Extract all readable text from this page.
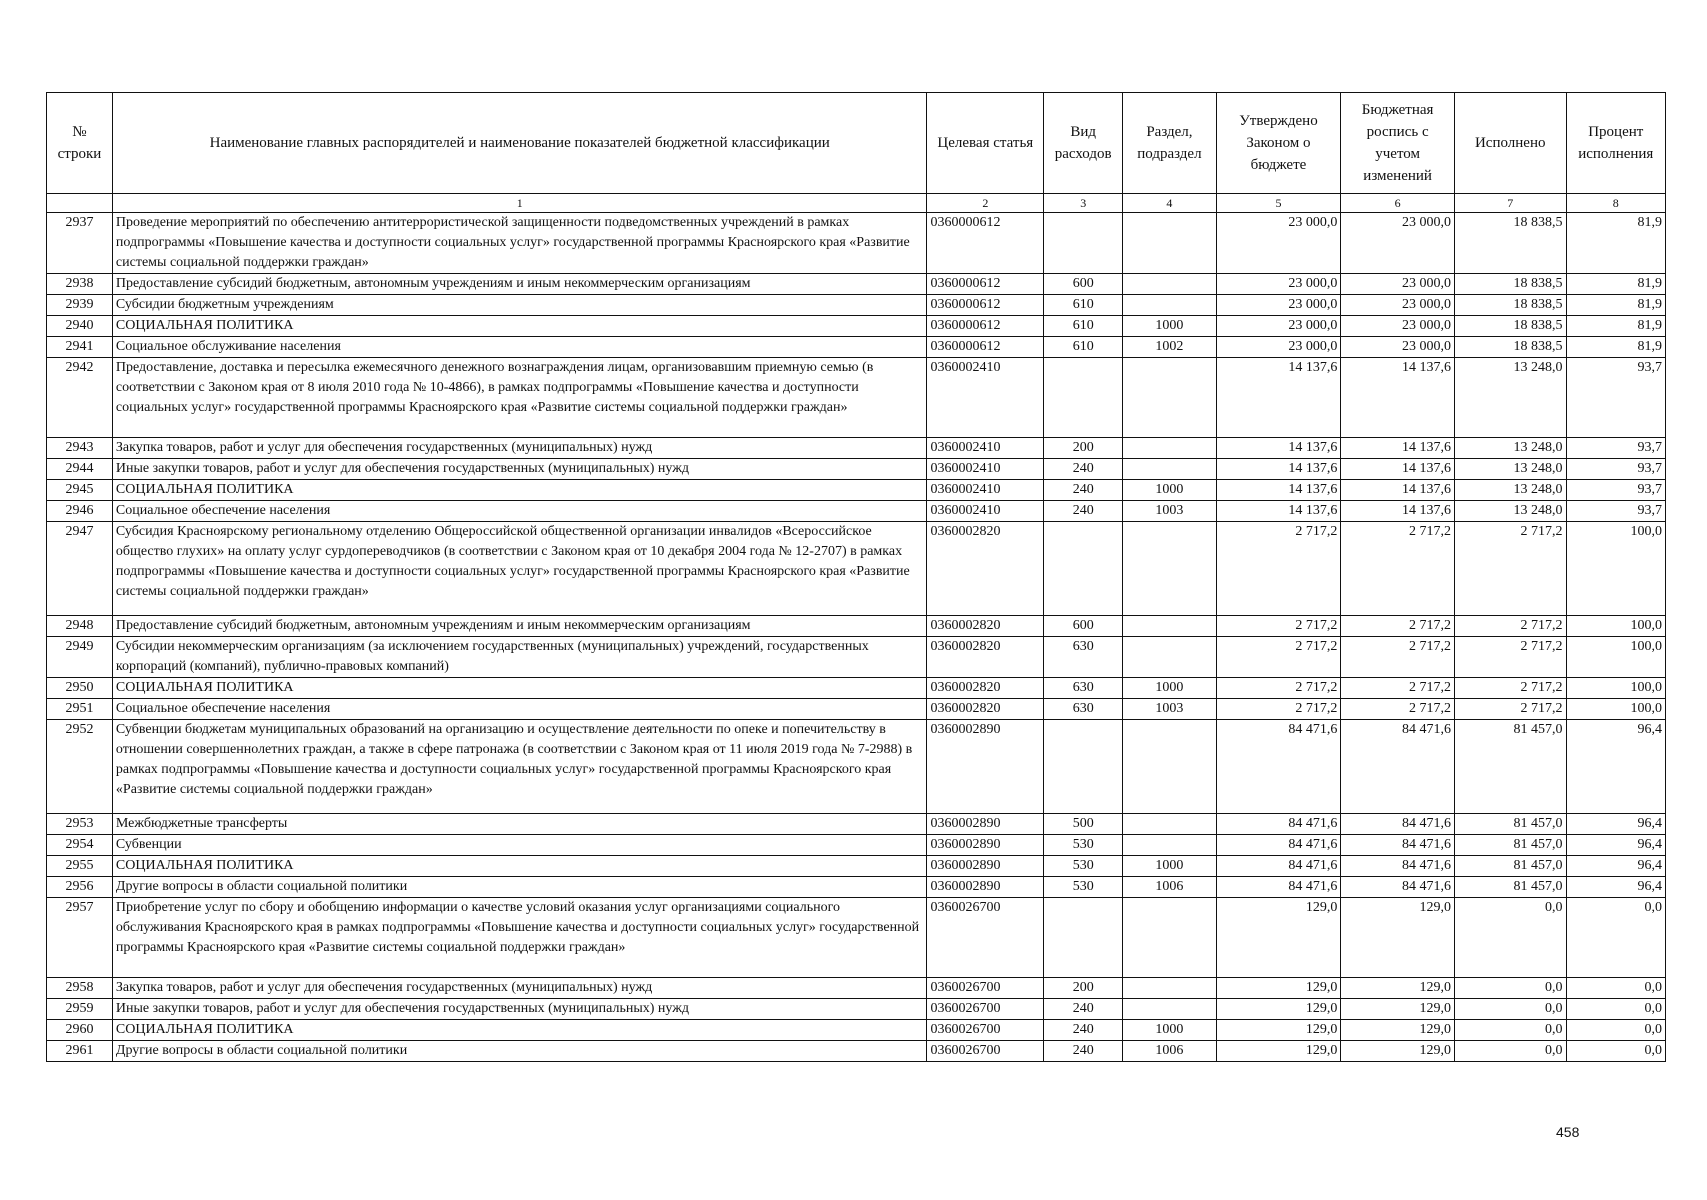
№ строки	Наименование главных распорядителей и наименование показателей бюджетной классификации	Целевая статья	Вид расходов	Раздел, подраздел	Утверждено Законом о бюджете	Бюджетная роспись с учетом изменений	Исполнено	Процент исполнения
	1	2	3	4	5	6	7	8
2937	Проведение мероприятий по обеспечению антитеррористической защищенности подведомственных учреждений в рамках подпрограммы «Повышение качества и доступности социальных услуг» государственной программы Красноярского края «Развитие системы социальной поддержки граждан»	0360000612			23 000,0	23 000,0	18 838,5	81,9
2938	Предоставление субсидий бюджетным, автономным учреждениям и иным некоммерческим организациям	0360000612	600		23 000,0	23 000,0	18 838,5	81,9
2939	Субсидии бюджетным учреждениям	0360000612	610		23 000,0	23 000,0	18 838,5	81,9
2940	СОЦИАЛЬНАЯ ПОЛИТИКА	0360000612	610	1000	23 000,0	23 000,0	18 838,5	81,9
2941	Социальное обслуживание населения	0360000612	610	1002	23 000,0	23 000,0	18 838,5	81,9
2942	Предоставление, доставка и пересылка ежемесячного денежного вознаграждения лицам, организовавшим приемную семью (в соответствии с Законом края от 8 июля 2010 года № 10-4866), в рамках подпрограммы «Повышение качества и доступности социальных услуг» государственной программы Красноярского края «Развитие системы социальной поддержки граждан»	0360002410			14 137,6	14 137,6	13 248,0	93,7
2943	Закупка товаров, работ и услуг для обеспечения государственных (муниципальных) нужд	0360002410	200		14 137,6	14 137,6	13 248,0	93,7
2944	Иные закупки товаров, работ и услуг для обеспечения государственных (муниципальных) нужд	0360002410	240		14 137,6	14 137,6	13 248,0	93,7
2945	СОЦИАЛЬНАЯ ПОЛИТИКА	0360002410	240	1000	14 137,6	14 137,6	13 248,0	93,7
2946	Социальное обеспечение населения	0360002410	240	1003	14 137,6	14 137,6	13 248,0	93,7
2947	Субсидия Красноярскому региональному отделению Общероссийской общественной организации инвалидов «Всероссийское общество глухих» на оплату услуг сурдопереводчиков (в соответствии с Законом края от 10 декабря 2004 года № 12-2707) в рамках подпрограммы «Повышение качества и доступности социальных услуг» государственной программы Красноярского края «Развитие системы социальной поддержки граждан»	0360002820			2 717,2	2 717,2	2 717,2	100,0
2948	Предоставление субсидий бюджетным, автономным учреждениям и иным некоммерческим организациям	0360002820	600		2 717,2	2 717,2	2 717,2	100,0
2949	Субсидии некоммерческим организациям (за исключением государственных (муниципальных) учреждений, государственных корпораций (компаний), публично-правовых компаний)	0360002820	630		2 717,2	2 717,2	2 717,2	100,0
2950	СОЦИАЛЬНАЯ ПОЛИТИКА	0360002820	630	1000	2 717,2	2 717,2	2 717,2	100,0
2951	Социальное обеспечение населения	0360002820	630	1003	2 717,2	2 717,2	2 717,2	100,0
2952	Субвенции бюджетам муниципальных образований на организацию и осуществление деятельности по опеке и попечительству в отношении совершеннолетних граждан, а также в сфере патронажа (в соответствии с Законом края от 11 июля 2019 года № 7-2988) в рамках подпрограммы «Повышение качества и доступности социальных услуг» государственной программы Красноярского края «Развитие системы социальной поддержки граждан»	0360002890			84 471,6	84 471,6	81 457,0	96,4
2953	Межбюджетные трансферты	0360002890	500		84 471,6	84 471,6	81 457,0	96,4
2954	Субвенции	0360002890	530		84 471,6	84 471,6	81 457,0	96,4
2955	СОЦИАЛЬНАЯ ПОЛИТИКА	0360002890	530	1000	84 471,6	84 471,6	81 457,0	96,4
2956	Другие вопросы в области социальной политики	0360002890	530	1006	84 471,6	84 471,6	81 457,0	96,4
2957	Приобретение услуг по сбору и обобщению информации о качестве условий оказания услуг организациями социального обслуживания Красноярского края в рамках подпрограммы «Повышение качества и доступности социальных услуг» государственной программы Красноярского края «Развитие системы социальной поддержки граждан»	0360026700			129,0	129,0	0,0	0,0
2958	Закупка товаров, работ и услуг для обеспечения государственных (муниципальных) нужд	0360026700	200		129,0	129,0	0,0	0,0
2959	Иные закупки товаров, работ и услуг для обеспечения государственных (муниципальных) нужд	0360026700	240		129,0	129,0	0,0	0,0
2960	СОЦИАЛЬНАЯ ПОЛИТИКА	0360026700	240	1000	129,0	129,0	0,0	0,0
2961	Другие вопросы в области социальной политики	0360026700	240	1006	129,0	129,0	0,0	0,0
458
